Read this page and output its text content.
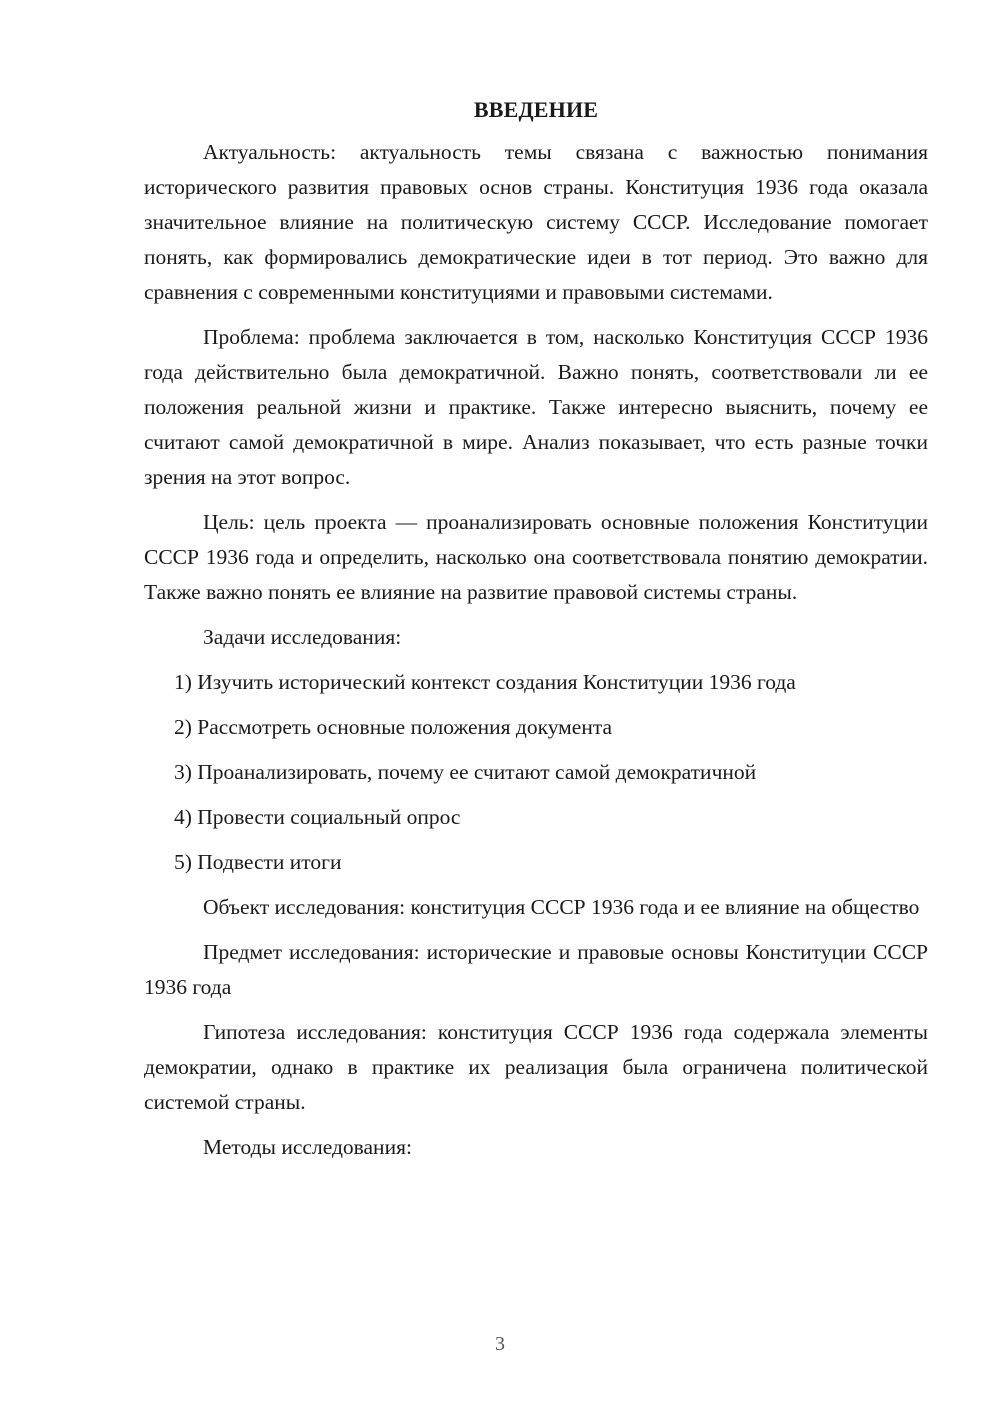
ВВЕДЕНИЕ

Актуальность: актуальность темы связана с важностью понимания исторического развития правовых основ страны. Конституция 1936 года оказала значительное влияние на политическую систему СССР. Исследование помогает понять, как формировались демократические идеи в тот период. Это важно для сравнения с современными конституциями и правовыми системами.

Проблема: проблема заключается в том, насколько Конституция СССР 1936 года действительно была демократичной. Важно понять, соответствовали ли ее положения реальной жизни и практике. Также интересно выяснить, почему ее считают самой демократичной в мире. Анализ показывает, что есть разные точки зрения на этот вопрос.

Цель: цель проекта — проанализировать основные положения Конституции СССР 1936 года и определить, насколько она соответствовала понятию демократии. Также важно понять ее влияние на развитие правовой системы страны.

Задачи исследования:

1) Изучить исторический контекст создания Конституции 1936 года
2) Рассмотреть основные положения документа
3) Проанализировать, почему ее считают самой демократичной
4) Провести социальный опрос
5) Подвести итоги

Объект исследования: конституция СССР 1936 года и ее влияние на общество

Предмет исследования: исторические и правовые основы Конституции СССР 1936 года

Гипотеза исследования: конституция СССР 1936 года содержала элементы демократии, однако в практике их реализация была ограничена политической системой страны.

Методы исследования:

3
